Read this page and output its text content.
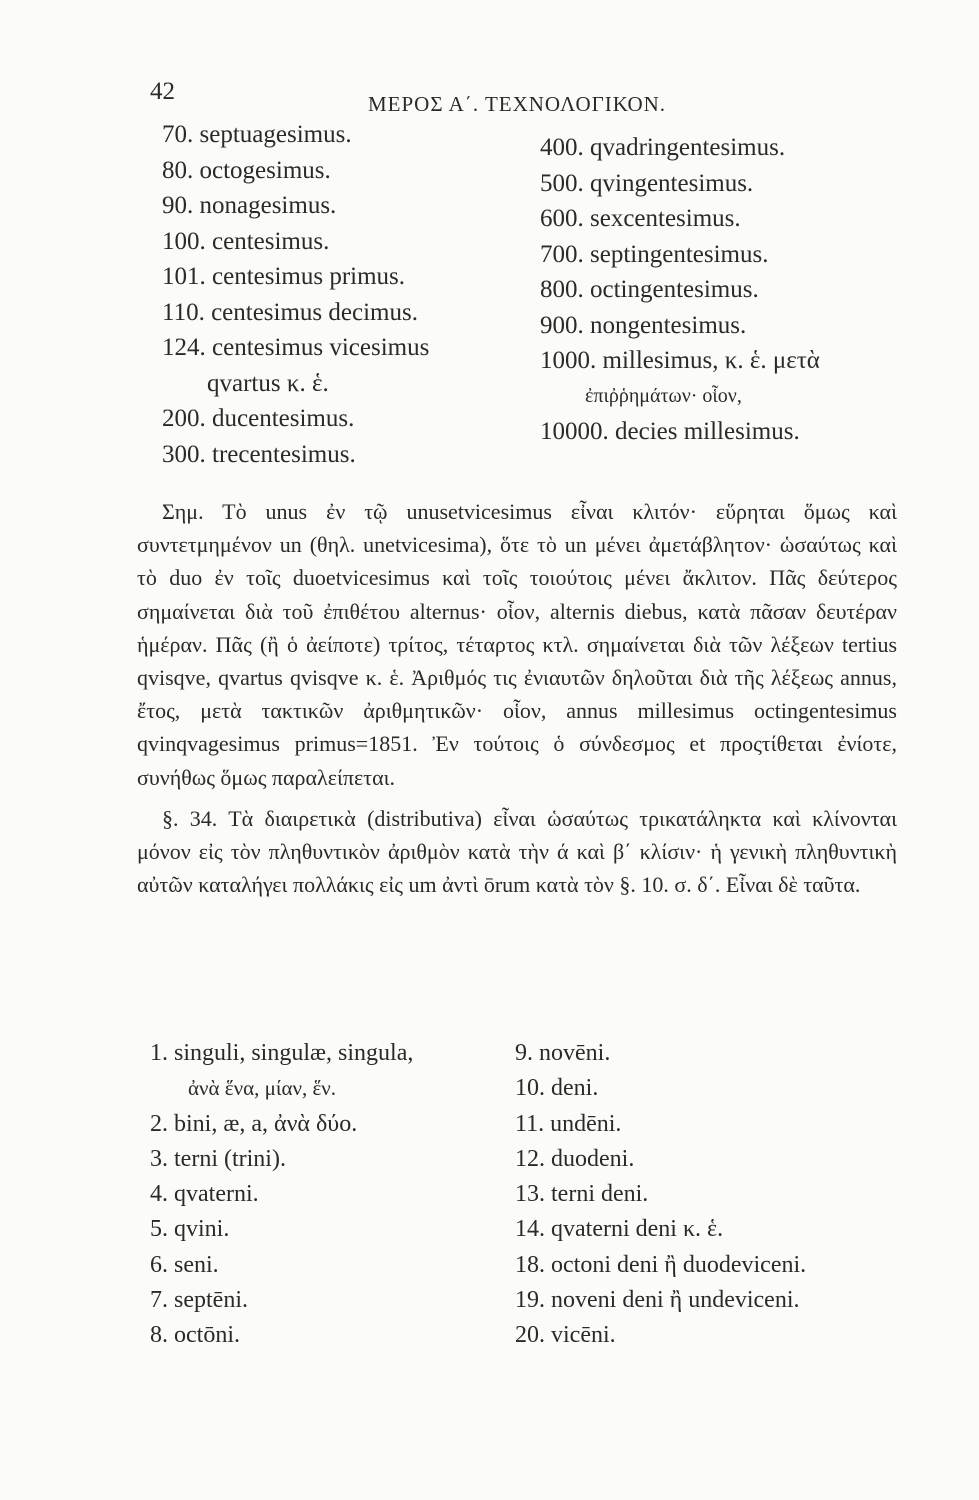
42	ΜΕΡΟΣ Α΄. ΤΕΧΝΟΛΟΓΙΚΟΝ.
70. septuagesimus.
80. octogesimus.
90. nonagesimus.
100. centesimus.
101. centesimus primus.
110. centesimus decimus.
124. centesimus vicesimus
qvartus κ. ἑ.
200. ducentesimus.
300. trecentesimus.
400. qvadringentesimus.
500. qvingentesimus.
600. sexcentesimus.
700. septingentesimus.
800. octingentesimus.
900. nongentesimus.
1000. millesimus, κ. ἑ. μετὰ
ἐπιῤῥημάτων· οἷον,
10000. decies millesimus.

Σημ. Τὸ unus ἐν τῷ unusetvicesimus εἶναι κλιτόν· εὕρηται ὅμως καὶ συντετμημένον un (θηλ. unetvicesima), ὅτε τὸ un μένει ἀμετάβλητον· ὡσαύτως καὶ τὸ duo ἐν τοῖς duoetvicesimus καὶ τοῖς τοιούτοις μένει ἄκλιτον. Πᾶς δεύτερος σημαίνεται διὰ τοῦ ἐπιθέτου alternus· οἷον, alternis diebus, κατὰ πᾶσαν δευτέραν ἡμέραν. Πᾶς (ἢ ὁ ἀείποτε) τρίτος, τέταρτος κτλ. σημαίνεται διὰ τῶν λέξεων tertius qvisqve, qvartus qvisqve κ. ἑ. Ἀριθμός τις ἐνιαυτῶν δηλοῦται διὰ τῆς λέξεως annus, ἔτος, μετὰ τακτικῶν ἀριθμητικῶν· οἷον, annus millesimus octingentesimus qvinqvagesimus primus=1851. Ἐν τούτοις ὁ σύνδεσμος et προςτίθεται ἐνίοτε, συνήθως ὅμως παραλείπεται.

§. 34. Τὰ διαιρετικὰ (distributiva) εἶναι ὡσαύτως τρικατάληκτα καὶ κλίνονται μόνον εἰς τὸν πληθυντικὸν ἀριθμὸν κατὰ τὴν ά καὶ β΄ κλίσιν· ἡ γενικὴ πληθυντικὴ αὐτῶν καταλήγει πολλάκις εἰς um ἀντὶ ōrum κατὰ τὸν §. 10. σ. δ΄. Εἶναι δὲ ταῦτα.

1. singuli, singulæ, singula,
ἀνὰ ἕνα, μίαν, ἕν.
2. bini, æ, a, ἀνὰ δύο.
3. terni (trini).
4. qvaterni.
5. qvini.
6. seni.
7. septēni.
8. octōni.
9. novēni.
10. deni.
11. undēni.
12. duodeni.
13. terni deni.
14. qvaterni deni κ. ἑ.
18. octoni deni ἢ duodeviceni.
19. noveni deni ἢ undeviceni.
20. vicēni.
